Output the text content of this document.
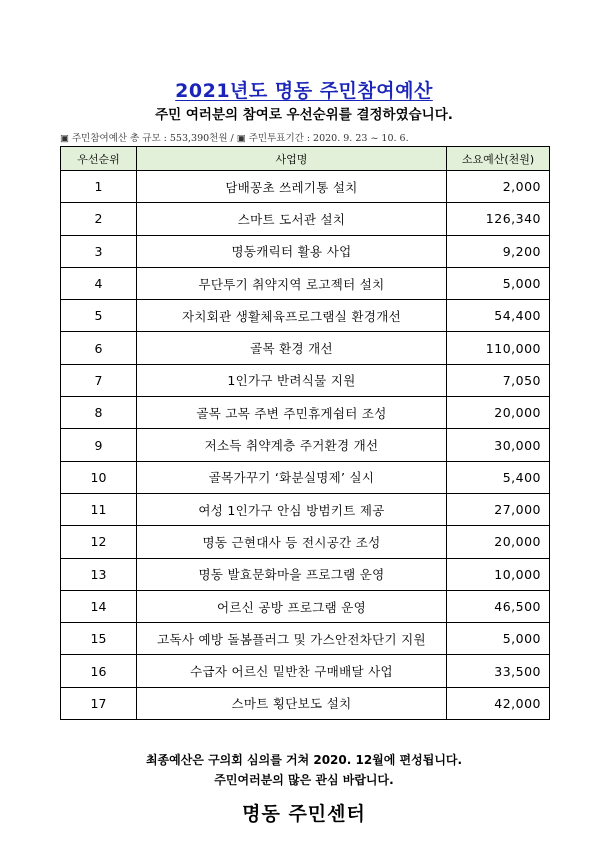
2021년도 명동 주민참여예산
주민 여러분의 참여로 우선순위를 결정하였습니다.
▣ 주민참여예산 총 규모 : 553,390천원 / ▣ 주민투표기간 : 2020. 9. 23 ~ 10. 6.
우선순위	사업명	소요예산(천원)
1	담배꽁초 쓰레기통 설치	2,000
2	스마트 도서관 설치	126,340
3	명동캐릭터 활용 사업	9,200
4	무단투기 취약지역 로고젝터 설치	5,000
5	자치회관 생활체육프로그램실 환경개선	54,400
6	골목 환경 개선	110,000
7	1인가구 반려식물 지원	7,050
8	골목 고목 주변 주민휴게쉼터 조성	20,000
9	저소득 취약계층 주거환경 개선	30,000
10	골목가꾸기 ‘화분실명제’ 실시	5,400
11	여성 1인가구 안심 방범키트 제공	27,000
12	명동 근현대사 등 전시공간 조성	20,000
13	명동 발효문화마을 프로그램 운영	10,000
14	어르신 공방 프로그램 운영	46,500
15	고독사 예방 돌봄플러그 및 가스안전차단기 지원	5,000
16	수급자 어르신 밑반찬 구매배달 사업	33,500
17	스마트 횡단보도 설치	42,000
최종예산은 구의회 심의를 거쳐 2020. 12월에 편성됩니다.
주민여러분의 많은 관심 바랍니다.
명동 주민센터
